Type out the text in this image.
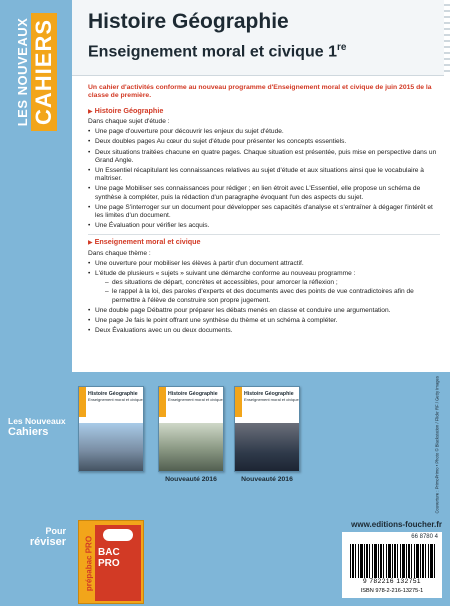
LES NOUVEAUX CAHIERS Histoire Géographie
Enseignement moral et civique 1re

Un cahier d'activités conforme au nouveau programme d'Enseignement moral et civique de juin 2015 de la classe de première.

▶ Histoire Géographie

Dans chaque sujet d'étude :

• Une page d'ouverture pour découvrir les enjeux du sujet d'étude.
• Deux doubles pages Au cœur du sujet d'étude pour présenter les concepts essentiels.
• Deux situations traitées chacune en quatre pages. Chaque situation est présentée, puis mise en perspective dans un Grand Angle.
• Un Essentiel récapitulant les connaissances relatives au sujet d'étude et aux situations ainsi que le vocabulaire à maîtriser.
• Une page Mobiliser ses connaissances pour rédiger ; en lien étroit avec L'Essentiel, elle propose un schéma de synthèse à compléter, puis la rédaction d'un paragraphe évoquant l'un des aspects du sujet.
• Une page S'interroger sur un document pour développer ses capacités d'analyse et s'entraîner à dégager l'intérêt et les limites d'un document.
• Une Évaluation pour vérifier les acquis.
▶ Enseignement moral et civique

Dans chaque thème :

• Une ouverture pour mobiliser les élèves à partir d'un document attractif.
• L'étude de plusieurs « sujets » suivant une démarche conforme au nouveau programme :
– des situations de départ, concrètes et accessibles, pour amorcer la réflexion ;
– le rappel à la loi, des paroles d'experts et des documents avec des points de vue contradictoires afin de permettre à l'élève de construire son propre jugement.
• Une double page Débattre pour préparer les débats menés en classe et conduire une argumentation.
• Une page Je fais le point offrant une synthèse du thème et un schéma à compléter.
• Deux Évaluations avec un ou deux documents.
Les Nouveaux
Cahiers
Histoire Géographie
Enseignement moral et civique
Histoire Géographie
Enseignement moral et civique
Nouveauté 2016
Histoire Géographie
Enseignement moral et civique
Nouveauté 2016
Pour
réviser prépabac PRO BAC PRO
www.editions-foucher.fr
66 8780 4
9 782216 132751
ISBN 978-2-216-13275-1
Couverture : PrimoPrimo • Photo © Blackstation / Flickr RF / Getty Images
